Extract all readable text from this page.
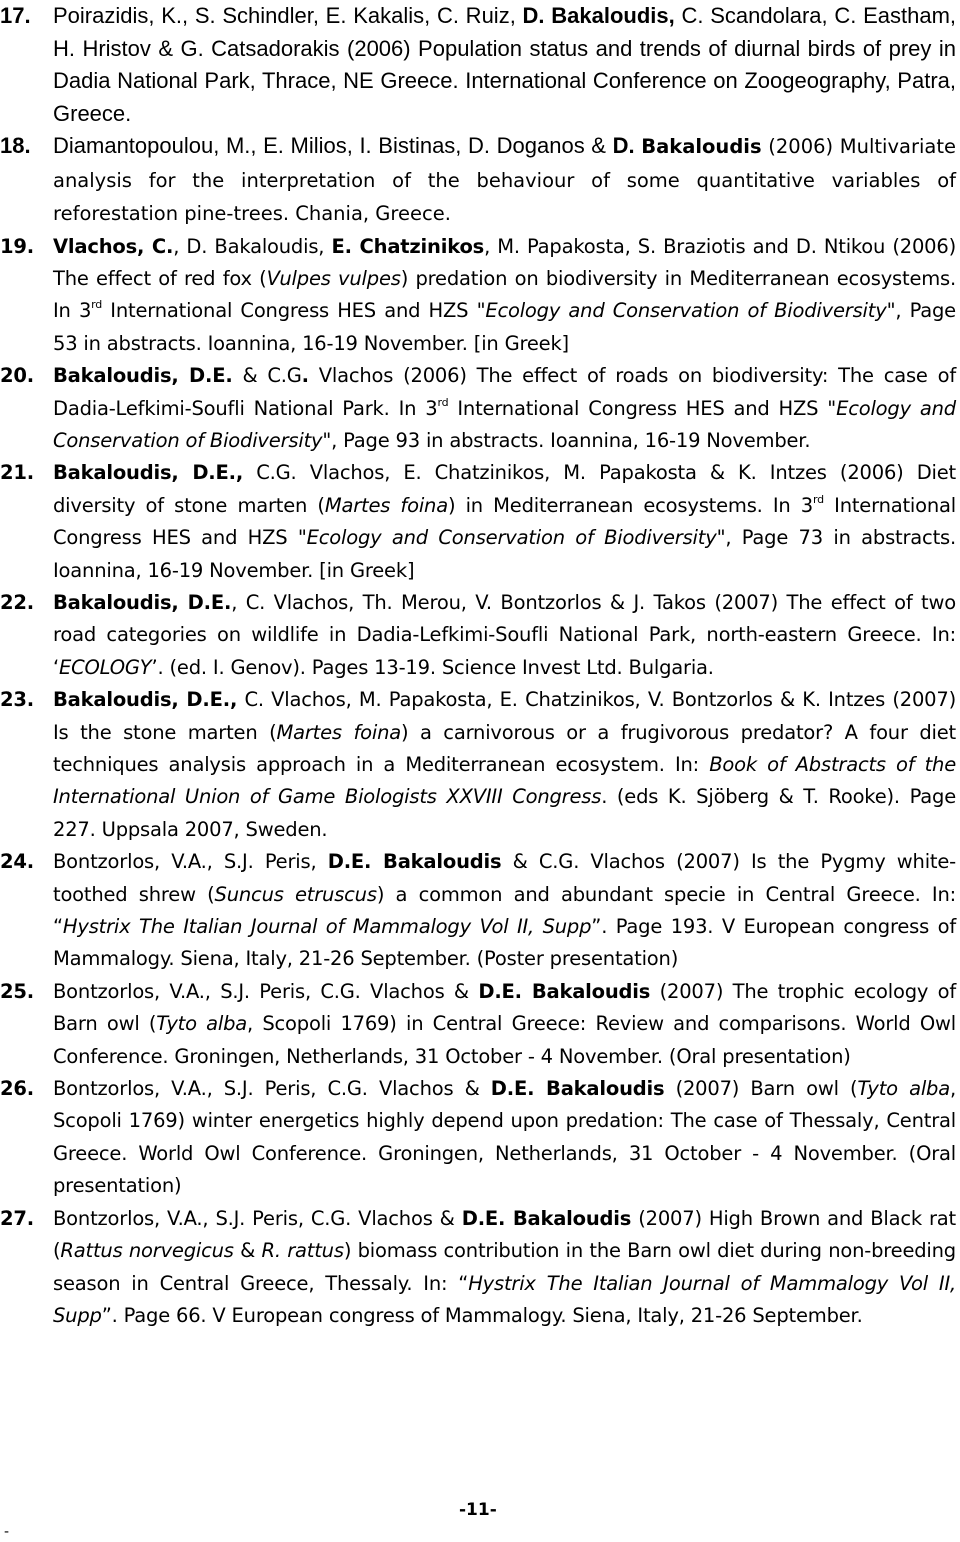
17. Poirazidis, K., S. Schindler, E. Kakalis, C. Ruiz, D. Bakaloudis, C. Scandolara, C. Eastham, H. Hristov & G. Catsadorakis (2006) Population status and trends of diurnal birds of prey in Dadia National Park, Thrace, NE Greece. International Conference on Zoogeography, Patra, Greece.
18. Diamantopoulou, M., E. Milios, I. Bistinas, D. Doganos & D. Bakaloudis (2006) Multivariate analysis for the interpretation of the behaviour of some quantitative variables of reforestation pine-trees. Chania, Greece.
19. Vlachos, C., D. Bakaloudis, E. Chatzinikos, M. Papakosta, S. Braziotis and D. Ntikou (2006) The effect of red fox (Vulpes vulpes) predation on biodiversity in Mediterranean ecosystems. In 3rd International Congress HES and HZS "Ecology and Conservation of Biodiversity", Page 53 in abstracts. Ioannina, 16-19 November. [in Greek]
20. Bakaloudis, D.E. & C.G. Vlachos (2006) The effect of roads on biodiversity: The case of Dadia-Lefkimi-Soufli National Park. In 3rd International Congress HES and HZS "Ecology and Conservation of Biodiversity", Page 93 in abstracts. Ioannina, 16-19 November.
21. Bakaloudis, D.E., C.G. Vlachos, E. Chatzinikos, M. Papakosta & K. Intzes (2006) Diet diversity of stone marten (Martes foina) in Mediterranean ecosystems. In 3rd International Congress HES and HZS "Ecology and Conservation of Biodiversity", Page 73 in abstracts. Ioannina, 16-19 November. [in Greek]
22. Bakaloudis, D.E., C. Vlachos, Th. Merou, V. Bontzorlos & J. Takos (2007) The effect of two road categories on wildlife in Dadia-Lefkimi-Soufli National Park, north-eastern Greece. In: ‘ECOLOGY’. (ed. I. Genov). Pages 13-19. Science Invest Ltd. Bulgaria.
23. Bakaloudis, D.E., C. Vlachos, M. Papakosta, E. Chatzinikos, V. Bontzorlos & K. Intzes (2007) Is the stone marten (Martes foina) a carnivorous or a frugivorous predator? A four diet techniques analysis approach in a Mediterranean ecosystem. In: Book of Abstracts of the International Union of Game Biologists XXVIII Congress. (eds K. Sjöberg & T. Rooke). Page 227. Uppsala 2007, Sweden.
24. Bontzorlos, V.A., S.J. Peris, D.E. Bakaloudis & C.G. Vlachos (2007) Is the Pygmy white-toothed shrew (Suncus etruscus) a common and abundant specie in Central Greece. In: “Hystrix The Italian Journal of Mammalogy Vol II, Supp”. Page 193. V European congress of Mammalogy. Siena, Italy, 21-26 September. (Poster presentation)
25. Bontzorlos, V.A., S.J. Peris, C.G. Vlachos & D.E. Bakaloudis (2007) The trophic ecology of Barn owl (Tyto alba, Scopoli 1769) in Central Greece: Review and comparisons. World Owl Conference. Groningen, Netherlands, 31 October - 4 November. (Oral presentation)
26. Bontzorlos, V.A., S.J. Peris, C.G. Vlachos & D.E. Bakaloudis (2007) Barn owl (Tyto alba, Scopoli 1769) winter energetics highly depend upon predation: The case of Thessaly, Central Greece. World Owl Conference. Groningen, Netherlands, 31 October - 4 November. (Oral presentation)
27. Bontzorlos, V.A., S.J. Peris, C.G. Vlachos & D.E. Bakaloudis (2007) High Brown and Black rat (Rattus norvegicus & R. rattus) biomass contribution in the Barn owl diet during non-breeding season in Central Greece, Thessaly. In: “Hystrix The Italian Journal of Mammalogy Vol II, Supp”. Page 66. V European congress of Mammalogy. Siena, Italy, 21-26 September.
-11-
-
